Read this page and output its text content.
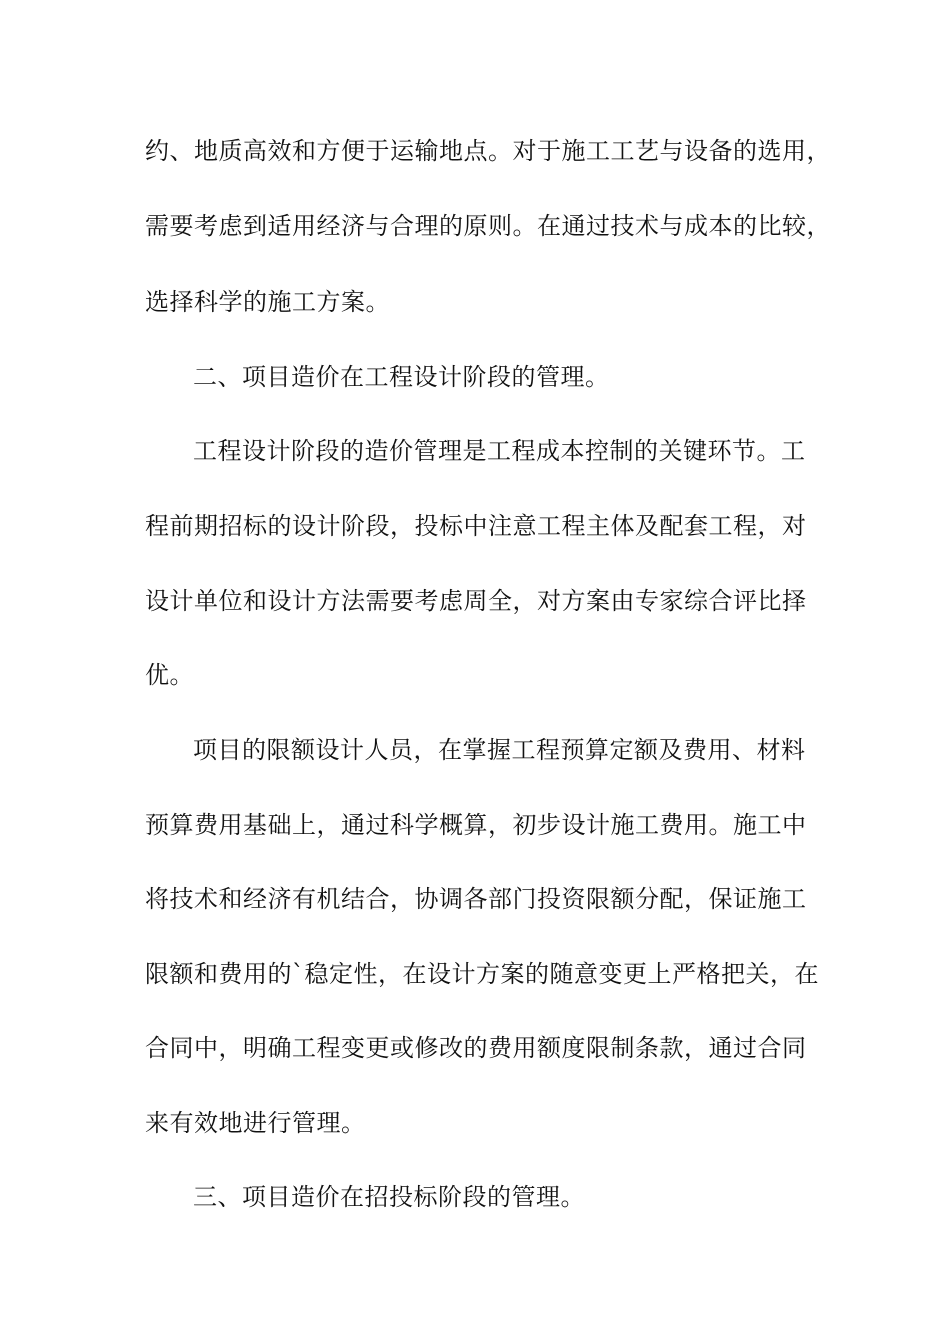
约、地质高效和方便于运输地点。对于施工工艺与设备的选用，
需要考虑到适用经济与合理的原则。在通过技术与成本的比较，
选择科学的施工方案。
二、项目造价在工程设计阶段的管理。
工程设计阶段的造价管理是工程成本控制的关键环节。工
程前期招标的设计阶段，投标中注意工程主体及配套工程，对
设计单位和设计方法需要考虑周全，对方案由专家综合评比择
优。
项目的限额设计人员，在掌握工程预算定额及费用、材料
预算费用基础上，通过科学概算，初步设计施工费用。施工中
将技术和经济有机结合，协调各部门投资限额分配，保证施工
限额和费用的`稳定性，在设计方案的随意变更上严格把关，在
合同中，明确工程变更或修改的费用额度限制条款，通过合同
来有效地进行管理。
三、项目造价在招投标阶段的管理。
